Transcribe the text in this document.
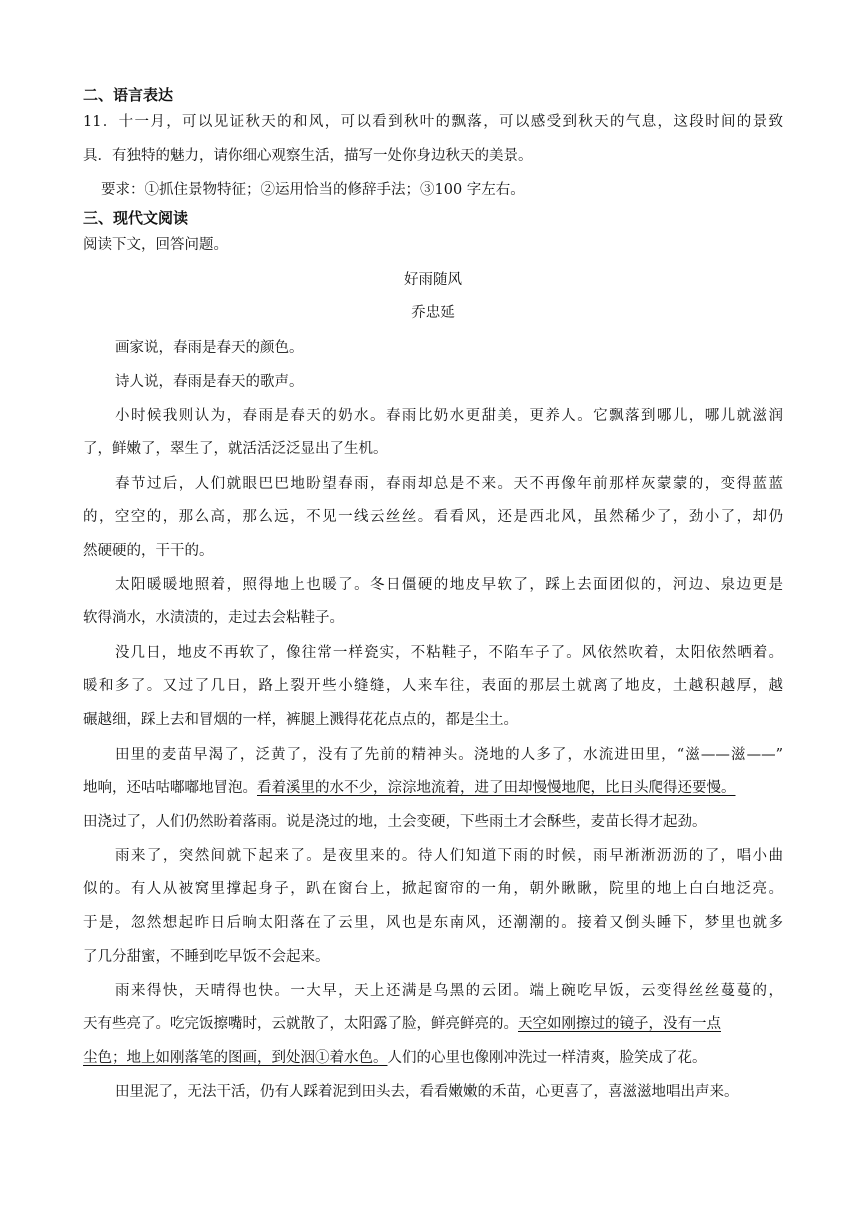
二、语言表达
11．十一月，可以见证秋天的和风，可以看到秋叶的飘落，可以感受到秋天的气息，这段时间的景致
具．有独特的魅力，请你细心观察生活，描写一处你身边秋天的美景。
要求：①抓住景物特征；②运用恰当的修辞手法；③100 字左右。
三、现代文阅读
阅读下文，回答问题。
好雨随风
乔忠延
画家说，春雨是春天的颜色。
诗人说，春雨是春天的歌声。
小时候我则认为，春雨是春天的奶水。春雨比奶水更甜美，更养人。它飘落到哪儿，哪儿就滋润
了，鲜嫩了，翠生了，就活活泛泛显出了生机。
春节过后，人们就眼巴巴地盼望春雨，春雨却总是不来。天不再像年前那样灰蒙蒙的，变得蓝蓝
的，空空的，那么高，那么远，不见一线云丝丝。看看风，还是西北风，虽然稀少了，劲小了，却仍
然硬硬的，干干的。
太阳暖暖地照着，照得地上也暖了。冬日僵硬的地皮早软了，踩上去面团似的，河边、泉边更是
软得淌水，水渍渍的，走过去会粘鞋子。
没几日，地皮不再软了，像往常一样瓷实，不粘鞋子，不陷车子了。风依然吹着，太阳依然晒着。
暖和多了。又过了几日，路上裂开些小缝缝，人来车往，表面的那层土就离了地皮，土越积越厚，越
碾越细，踩上去和冒烟的一样，裤腿上溅得花花点点的，都是尘土。
田里的麦苗早渴了，泛黄了，没有了先前的精神头。浇地的人多了，水流进田里，“滋——滋——”
地响，还咕咕嘟嘟地冒泡。看着溪里的水不少，淙淙地流着，进了田却慢慢地爬，比日头爬得还要慢。
田浇过了，人们仍然盼着落雨。说是浇过的地，土会变硬，下些雨土才会酥些，麦苗长得才起劲。
雨来了，突然间就下起来了。是夜里来的。待人们知道下雨的时候，雨早淅淅沥沥的了，唱小曲
似的。有人从被窝里撑起身子，趴在窗台上，掀起窗帘的一角，朝外瞅瞅，院里的地上白白地泛亮。
于是，忽然想起昨日后晌太阳落在了云里，风也是东南风，还潮潮的。接着又倒头睡下，梦里也就多
了几分甜蜜，不睡到吃早饭不会起来。
雨来得快，天晴得也快。一大早，天上还满是乌黑的云团。端上碗吃早饭，云变得丝丝蔓蔓的，
天有些亮了。吃完饭擦嘴时，云就散了，太阳露了脸，鲜亮鲜亮的。天空如刚擦过的镜子，没有一点
尘色；地上如刚落笔的图画，到处洇①着水色。人们的心里也像刚冲洗过一样清爽，脸笑成了花。
田里泥了，无法干活，仍有人踩着泥到田头去，看看嫩嫩的禾苗，心更喜了，喜滋滋地唱出声来。
